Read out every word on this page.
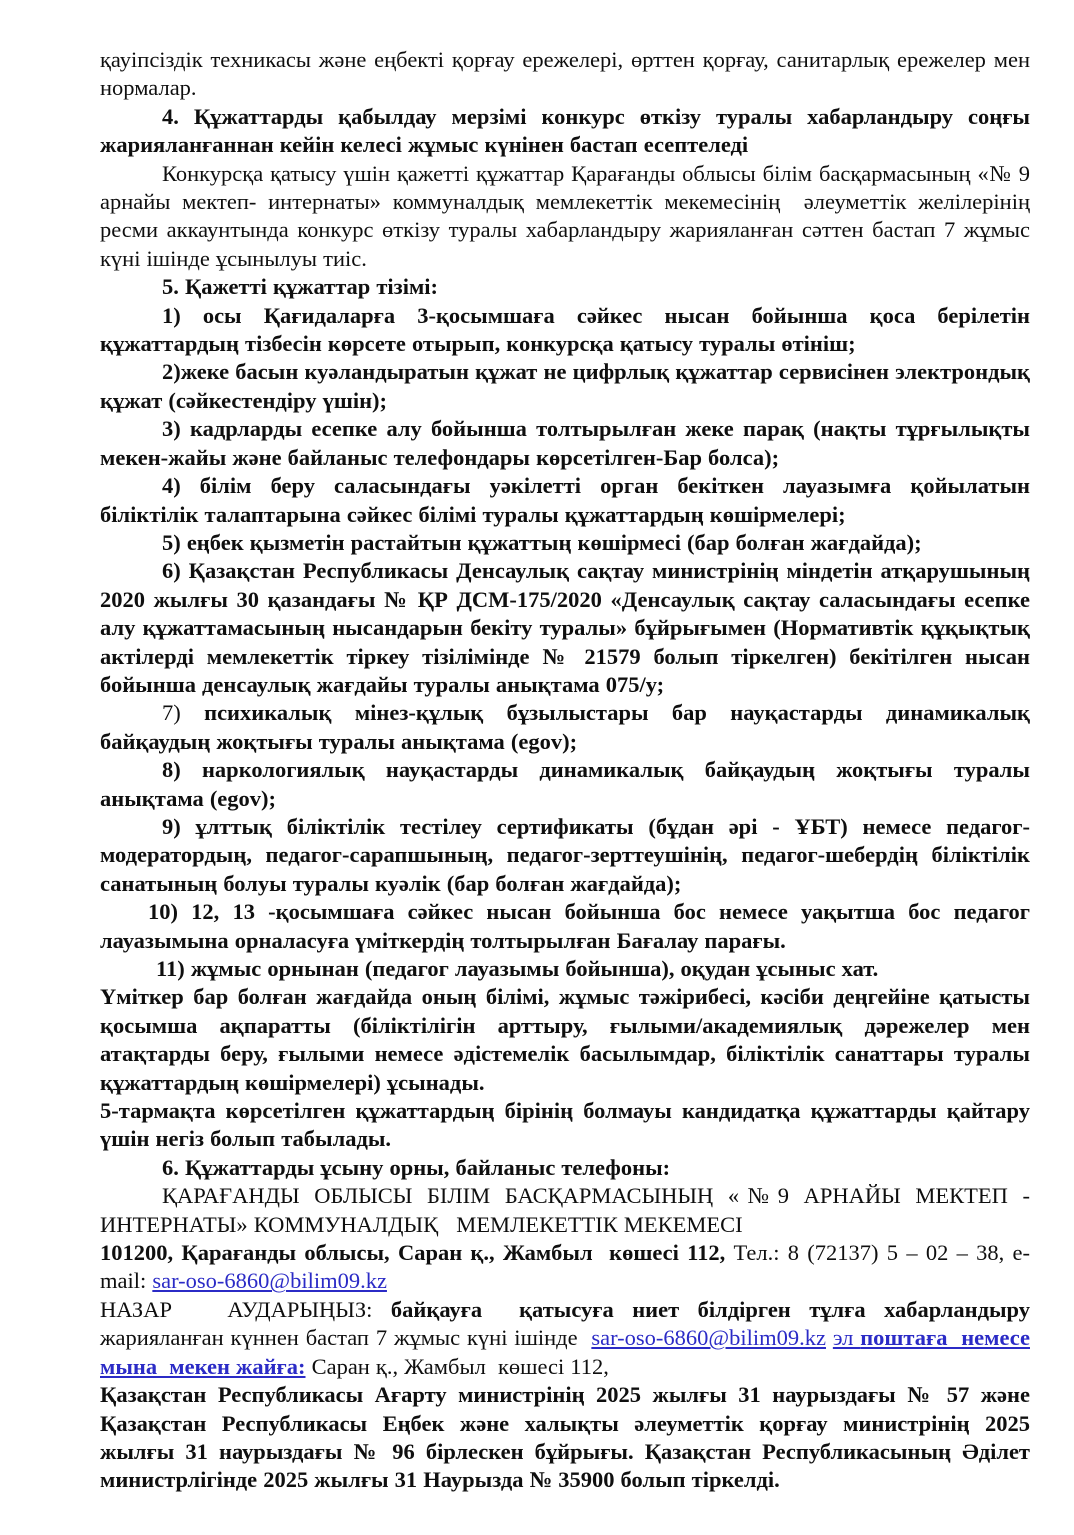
қауіпсіздік техникасы және еңбекті қорғау ережелері, өрттен қорғау, санитарлық ережелер мен нормалар.

4. Құжаттарды қабылдау мерзімі конкурс өткізу туралы хабарландыру соңғы жарияланғаннан кейін келесі жұмыс күнінен бастап есептеледі

Конкурсқа қатысу үшін қажетті құжаттар Қарағанды облысы білім басқармасының «№ 9 арнайы мектеп- интернаты» коммуналдық мемлекеттік мекемесінің  әлеуметтік желілерінің ресми аккаунтында конкурс өткізу туралы хабарландыру жарияланған сәттен бастап 7 жұмыс күні ішінде ұсынылуы тиіс.

5. Қажетті құжаттар тізімі:

1) осы Қағидаларға 3-қосымшаға сәйкес нысан бойынша қоса берілетін құжаттардың тізбесін көрсете отырып, конкурсқа қатысу туралы өтініш;

2)жеке басын куәландыратын құжат не цифрлық құжаттар сервисінен электрондық құжат (сәйкестендіру үшін);

3) кадрларды есепке алу бойынша толтырылған жеке парақ (нақты тұрғылықты мекен-жайы және байланыс телефондары көрсетілген-Бар болса);

4) білім беру саласындағы уәкілетті орган бекіткен лауазымға қойылатын біліктілік талаптарына сәйкес білімі туралы құжаттардың көшірмелері;

5) еңбек қызметін растайтын құжаттың көшірмесі (бар болған жағдайда);

6) Қазақстан Республикасы Денсаулық сақтау министрінің міндетін атқарушының 2020 жылғы 30 қазандағы № ҚР ДСМ-175/2020 «Денсаулық сақтау саласындағы есепке алу құжаттамасының нысандарын бекіту туралы» бұйрығымен (Нормативтік құқықтық актілерді мемлекеттік тіркеу тізілімінде № 21579 болып тіркелген) бекітілген нысан бойынша денсаулық жағдайы туралы анықтама 075/у;

7) психикалық мінез-құлық бұзылыстары бар науқастарды динамикалық байқаудың жоқтығы туралы анықтама (egov);

8) наркологиялық науқастарды динамикалық байқаудың жоқтығы туралы анықтама (egov);

9) ұлттық біліктілік тестілеу сертификаты (бұдан әрі - ҰБТ) немесе педагог-модератордың, педагог-сарапшының, педагог-зерттеушінің, педагог-шебердің біліктілік санатының болуы туралы куәлік (бар болған жағдайда);

10) 12, 13 -қосымшаға сәйкес нысан бойынша бос немесе уақытша бос педагог лауазымына орналасуға үміткердің толтырылған Бағалау парағы.

11) жұмыс орнынан (педагог лауазымы бойынша), оқудан ұсыныс хат.

Үміткер бар болған жағдайда оның білімі, жұмыс тәжірибесі, кәсіби деңгейіне қатысты қосымша ақпаратты (біліктілігін арттыру, ғылыми/академиялық дәрежелер мен атақтарды беру, ғылыми немесе әдістемелік басылымдар, біліктілік санаттары туралы құжаттардың көшірмелері) ұсынады.

5-тармақта көрсетілген құжаттардың бірінің болмауы кандидатқа құжаттарды қайтару үшін негіз болып табылады.

6. Құжаттарды ұсыну орны, байланыс телефоны:

ҚАРАҒАНДЫ ОБЛЫСЫ БІЛІМ БАСҚАРМАСЫНЫҢ «№9 АРНАЙЫ МЕКТЕП - ИНТЕРНАТЫ» КОММУНАЛДЫҚ   МЕМЛЕКЕТТІК МЕКЕМЕСІ

101200, Қарағанды облысы, Саран қ., Жамбыл  көшесі 112, Тел.: 8 (72137) 5 – 02 – 38, e-mail: sar-oso-6860@bilim09.kz

НАЗАР   АУДАРЫҢЫЗ: байқауға  қатысуға ниет білдірген тұлға хабарландыру жарияланған күннен бастап 7 жұмыс күні ішінде  sar-oso-6860@bilim09.kz эл поштаға  немесе мына  мекен жайға: Саран қ., Жамбыл  көшесі 112,

Қазақстан Республикасы Ағарту министрінің 2025 жылғы 31 наурыздағы № 57 және Қазақстан Республикасы Еңбек және халықты әлеуметтік қорғау министрінің 2025 жылғы 31 наурыздағы № 96 бірлескен бұйрығы. Қазақстан Республикасының Әділет министрлігінде 2025 жылғы 31 Наурызда № 35900 болып тіркелді.
